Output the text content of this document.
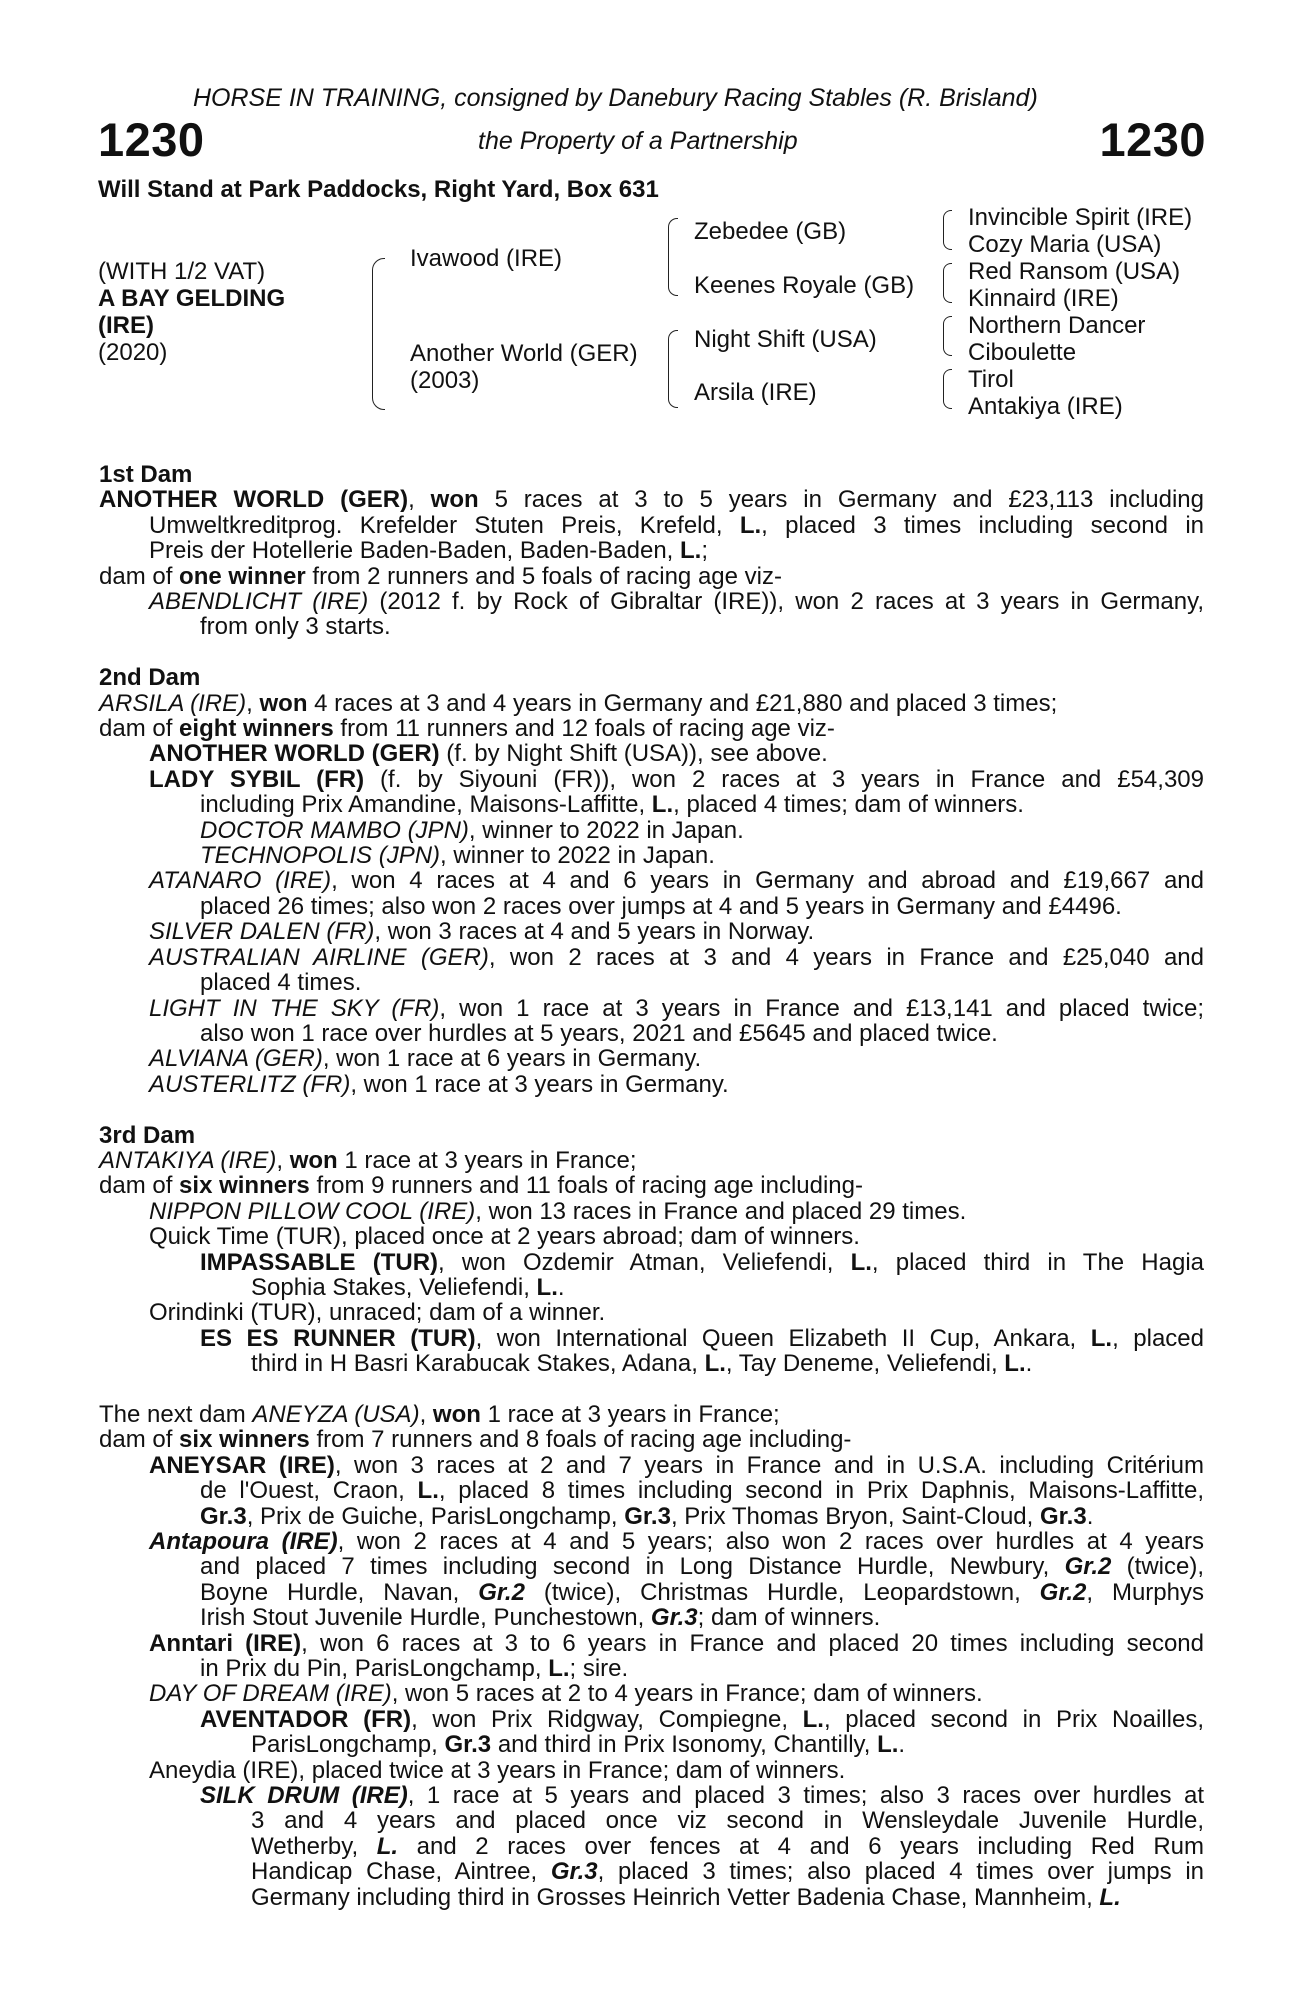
HORSE IN TRAINING, consigned by Danebury Racing Stables (R. Brisland)
1230	the Property of a Partnership	1230
Will Stand at Park Paddocks, Right Yard, Box 631
(WITH 1/2 VAT)
A BAY GELDING
(IRE)
(2020)
Ivawood (IRE)
Another World (GER)
(2003)
Zebedee (GB)
Keenes Royale (GB)
Night Shift (USA)
Arsila (IRE)
Invincible Spirit (IRE)
Cozy Maria (USA)
Red Ransom (USA)
Kinnaird (IRE)
Northern Dancer
Ciboulette
Tirol
Antakiya (IRE)
1st Dam
ANOTHER WORLD (GER), won 5 races at 3 to 5 years in Germany and £23,113 including
Umweltkreditprog. Krefelder Stuten Preis, Krefeld, L., placed 3 times including second in
Preis der Hotellerie Baden-Baden, Baden-Baden, L.;
dam of one winner from 2 runners and 5 foals of racing age viz-
ABENDLICHT (IRE) (2012 f. by Rock of Gibraltar (IRE)), won 2 races at 3 years in Germany,
from only 3 starts.
2nd Dam
ARSILA (IRE), won 4 races at 3 and 4 years in Germany and £21,880 and placed 3 times;
dam of eight winners from 11 runners and 12 foals of racing age viz-
ANOTHER WORLD (GER) (f. by Night Shift (USA)), see above.
LADY SYBIL (FR) (f. by Siyouni (FR)), won 2 races at 3 years in France and £54,309
including Prix Amandine, Maisons-Laffitte, L., placed 4 times; dam of winners.
DOCTOR MAMBO (JPN), winner to 2022 in Japan.
TECHNOPOLIS (JPN), winner to 2022 in Japan.
ATANARO (IRE), won 4 races at 4 and 6 years in Germany and abroad and £19,667 and
placed 26 times; also won 2 races over jumps at 4 and 5 years in Germany and £4496.
SILVER DALEN (FR), won 3 races at 4 and 5 years in Norway.
AUSTRALIAN AIRLINE (GER), won 2 races at 3 and 4 years in France and £25,040 and
placed 4 times.
LIGHT IN THE SKY (FR), won 1 race at 3 years in France and £13,141 and placed twice;
also won 1 race over hurdles at 5 years, 2021 and £5645 and placed twice.
ALVIANA (GER), won 1 race at 6 years in Germany.
AUSTERLITZ (FR), won 1 race at 3 years in Germany.
3rd Dam
ANTAKIYA (IRE), won 1 race at 3 years in France;
dam of six winners from 9 runners and 11 foals of racing age including-
NIPPON PILLOW COOL (IRE), won 13 races in France and placed 29 times.
Quick Time (TUR), placed once at 2 years abroad; dam of winners.
IMPASSABLE (TUR), won Ozdemir Atman, Veliefendi, L., placed third in The Hagia
Sophia Stakes, Veliefendi, L..
Orindinki (TUR), unraced; dam of a winner.
ES ES RUNNER (TUR), won International Queen Elizabeth II Cup, Ankara, L., placed
third in H Basri Karabucak Stakes, Adana, L., Tay Deneme, Veliefendi, L..
The next dam ANEYZA (USA), won 1 race at 3 years in France;
dam of six winners from 7 runners and 8 foals of racing age including-
ANEYSAR (IRE), won 3 races at 2 and 7 years in France and in U.S.A. including Critérium
de l'Ouest, Craon, L., placed 8 times including second in Prix Daphnis, Maisons-Laffitte,
Gr.3, Prix de Guiche, ParisLongchamp, Gr.3, Prix Thomas Bryon, Saint-Cloud, Gr.3.
Antapoura (IRE), won 2 races at 4 and 5 years; also won 2 races over hurdles at 4 years
and placed 7 times including second in Long Distance Hurdle, Newbury, Gr.2 (twice),
Boyne Hurdle, Navan, Gr.2 (twice), Christmas Hurdle, Leopardstown, Gr.2, Murphys
Irish Stout Juvenile Hurdle, Punchestown, Gr.3; dam of winners.
Anntari (IRE), won 6 races at 3 to 6 years in France and placed 20 times including second
in Prix du Pin, ParisLongchamp, L.; sire.
DAY OF DREAM (IRE), won 5 races at 2 to 4 years in France; dam of winners.
AVENTADOR (FR), won Prix Ridgway, Compiegne, L., placed second in Prix Noailles,
ParisLongchamp, Gr.3 and third in Prix Isonomy, Chantilly, L..
Aneydia (IRE), placed twice at 3 years in France; dam of winners.
SILK DRUM (IRE), 1 race at 5 years and placed 3 times; also 3 races over hurdles at
3 and 4 years and placed once viz second in Wensleydale Juvenile Hurdle,
Wetherby, L. and 2 races over fences at 4 and 6 years including Red Rum
Handicap Chase, Aintree, Gr.3, placed 3 times; also placed 4 times over jumps in
Germany including third in Grosses Heinrich Vetter Badenia Chase, Mannheim, L.
